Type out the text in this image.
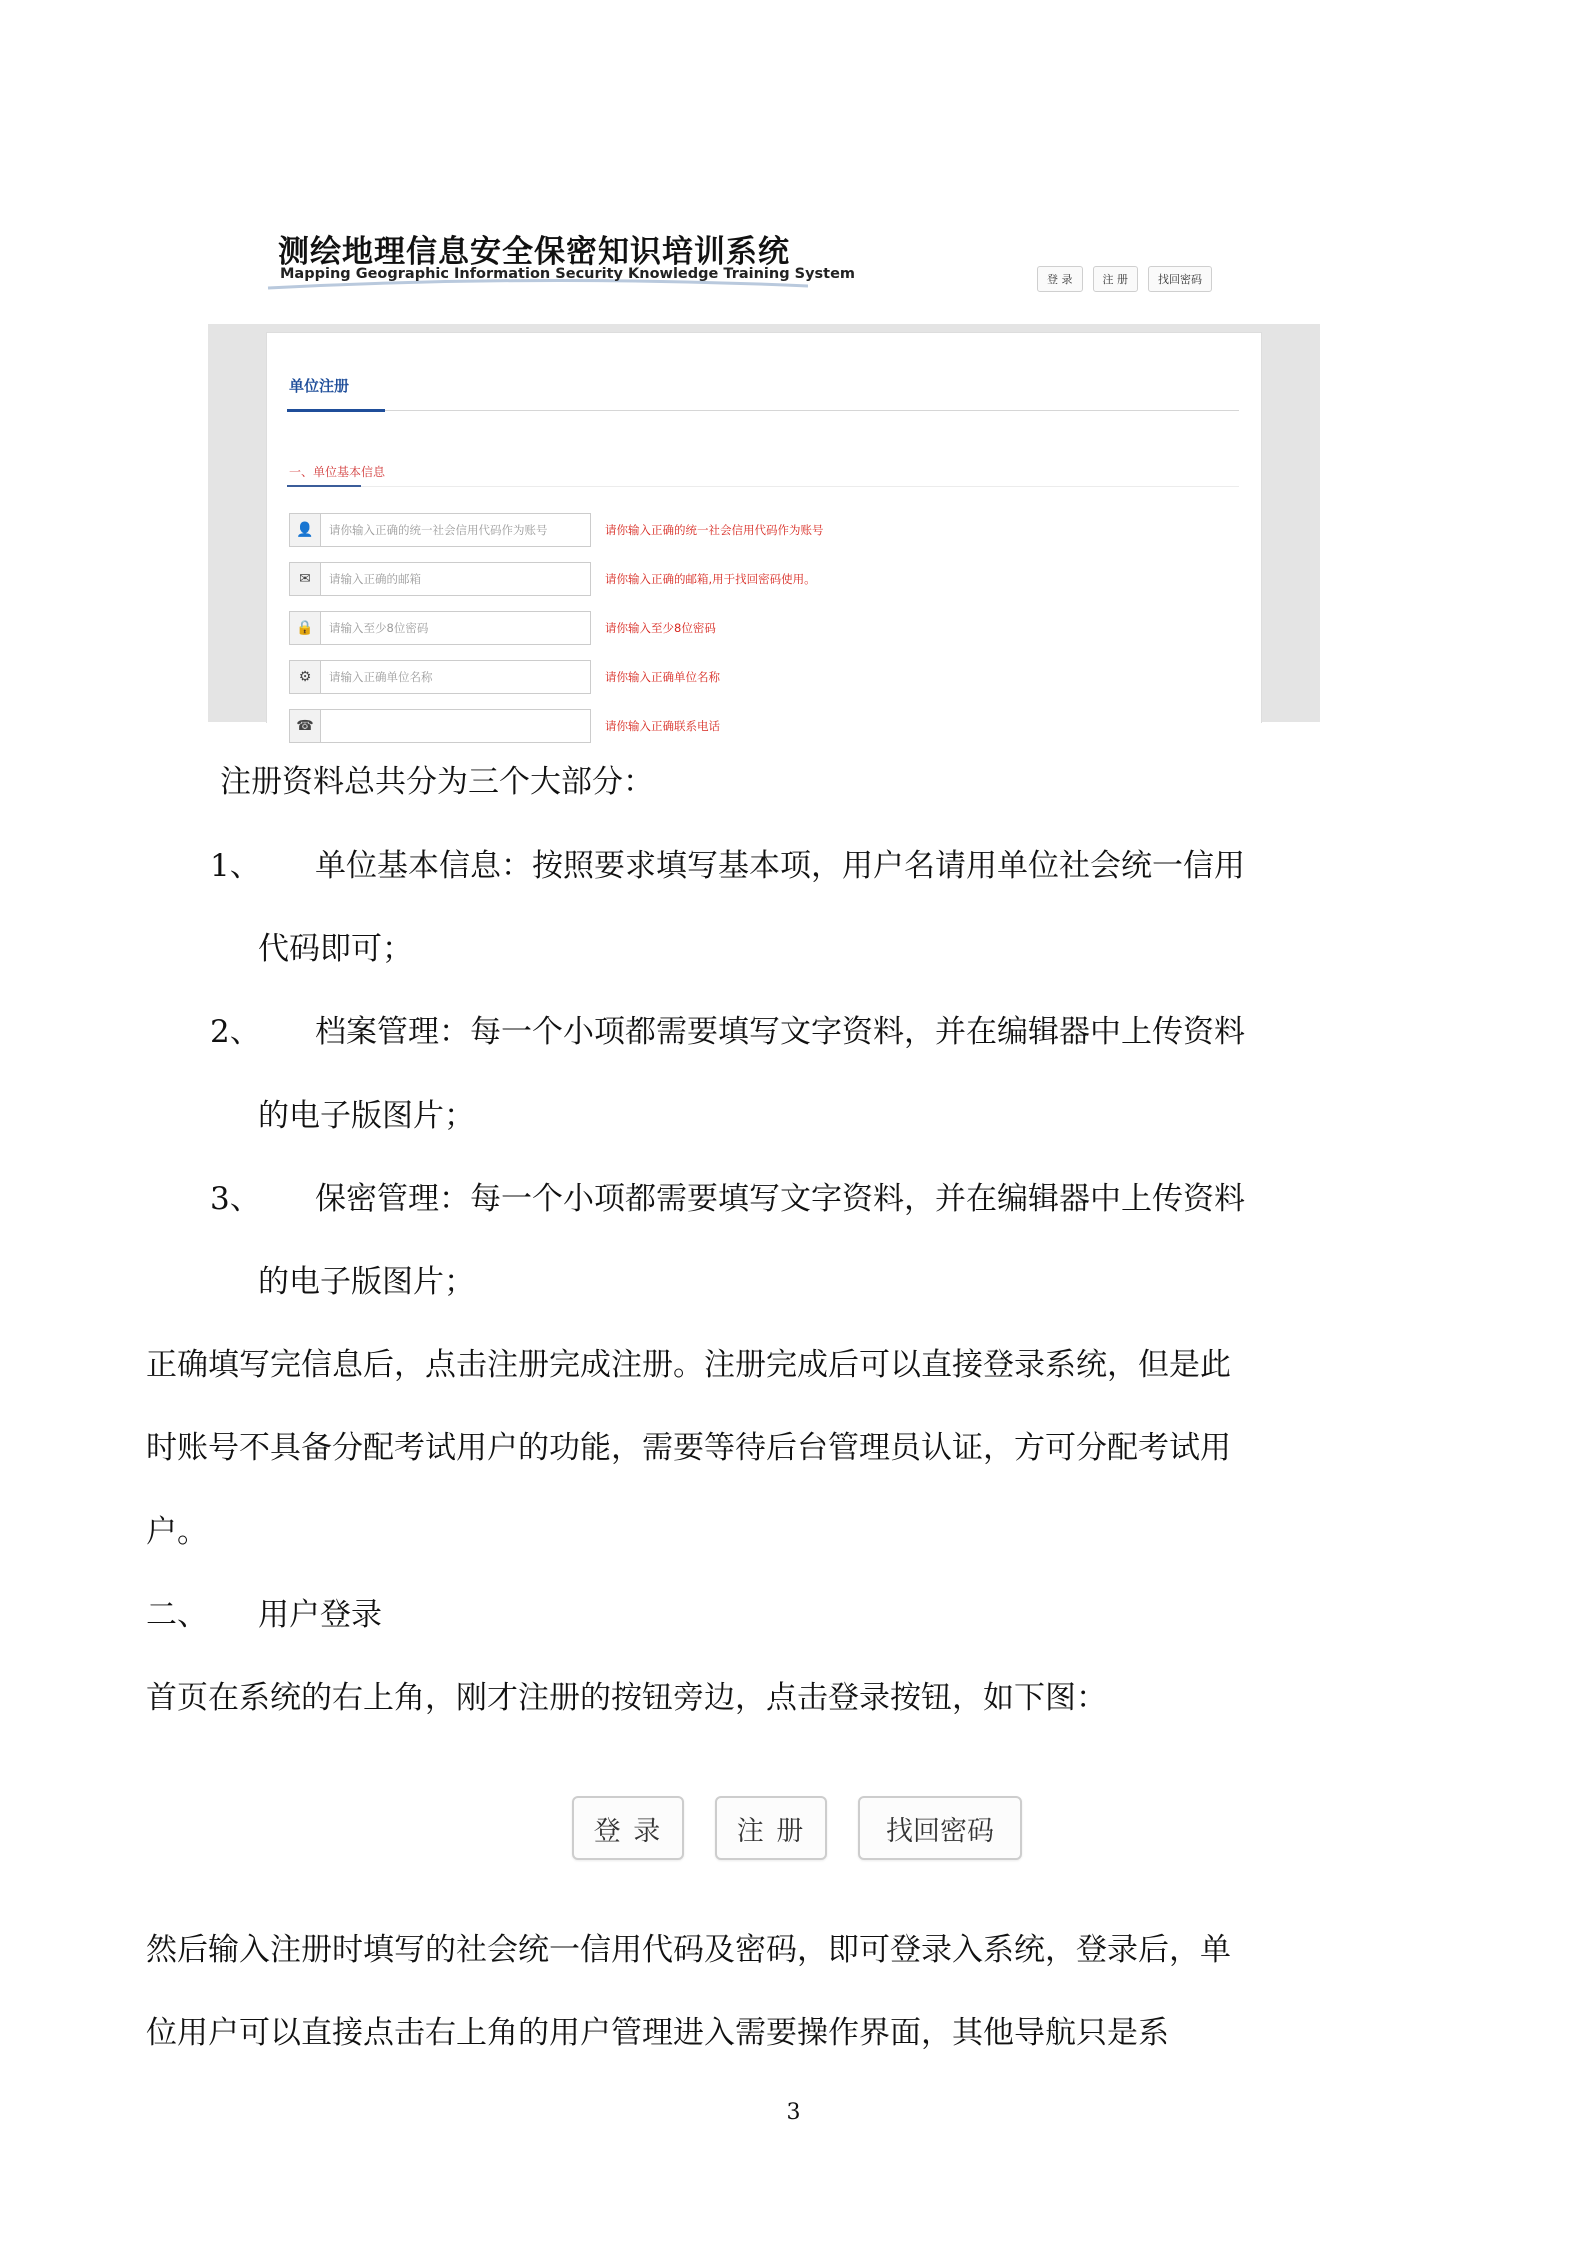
测绘地理信息安全保密知识培训系统
Mapping Geographic Information Security Knowledge Training System	登 录	注 册	找回密码
单位注册
一、单位基本信息
👤
请你输入正确的统一社会信用代码作为账号	请你输入正确的统一社会信用代码作为账号
✉
请输入正确的邮箱	请你输入正确的邮箱,用于找回密码使用。
🔒
请输入至少8位密码	请你输入至少8位密码
⚙
请输入正确单位名称	请你输入正确单位名称
☎	请你输入正确联系电话
注册资料总共分为三个大部分：
1、 单位基本信息：按照要求填写基本项，用户名请用单位社会统一信用
代码即可；
2、 档案管理：每一个小项都需要填写文字资料，并在编辑器中上传资料
的电子版图片；
3、 保密管理：每一个小项都需要填写文字资料，并在编辑器中上传资料
的电子版图片；
正确填写完信息后，点击注册完成注册。注册完成后可以直接登录系统，但是此
时账号不具备分配考试用户的功能，需要等待后台管理员认证，方可分配考试用
户。
二、 用户登录
首页在系统的右上角，刚才注册的按钮旁边，点击登录按钮，如下图：
登 录	注 册	找回密码
然后输入注册时填写的社会统一信用代码及密码，即可登录入系统，登录后，单
位用户可以直接点击右上角的用户管理进入需要操作界面，其他导航只是系
3
